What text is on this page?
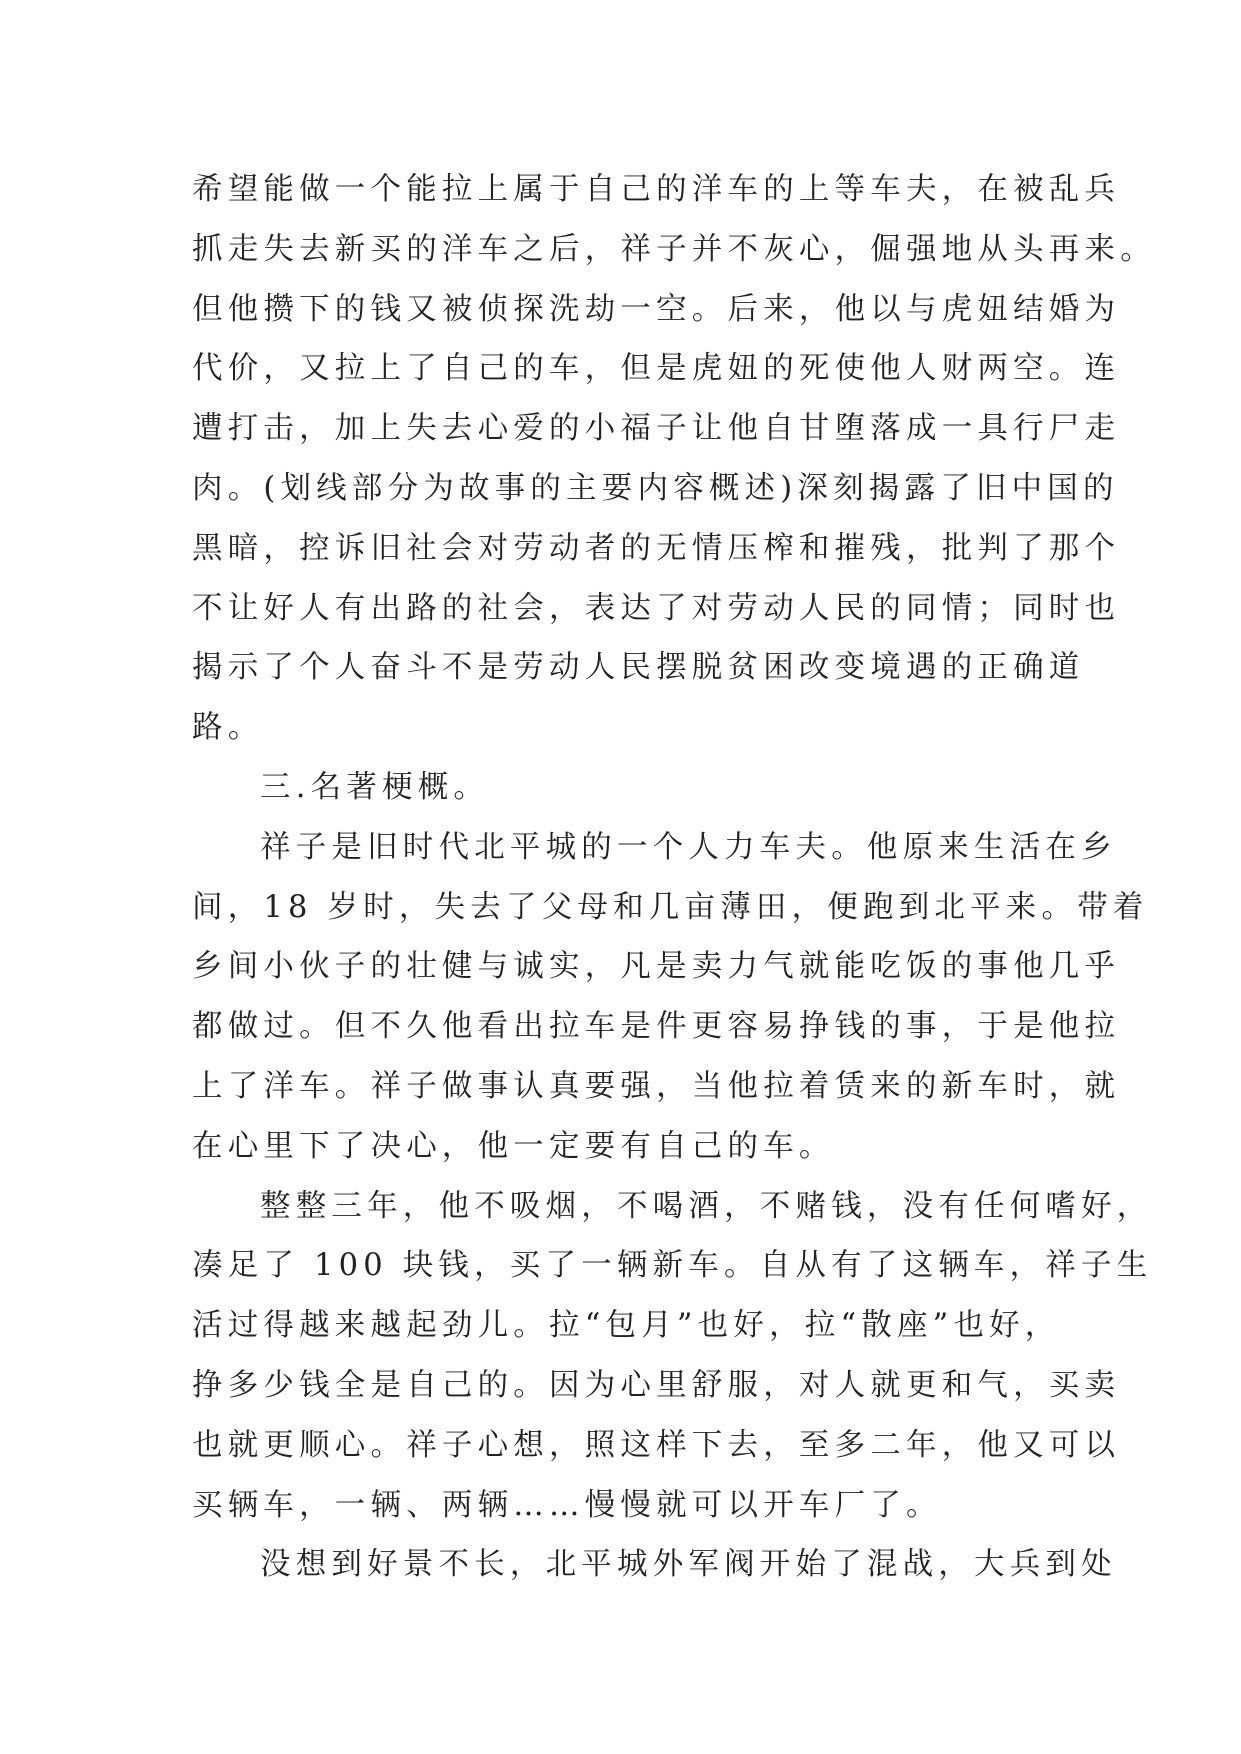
希望能做一个能拉上属于自己的洋车的上等车夫，在被乱兵
抓走失去新买的洋车之后，祥子并不灰心，倔强地从头再来。
但他攒下的钱又被侦探洗劫一空。后来，他以与虎妞结婚为
代价，又拉上了自己的车，但是虎妞的死使他人财两空。连
遭打击，加上失去心爱的小福子让他自甘堕落成一具行尸走
肉。(划线部分为故事的主要内容概述)深刻揭露了旧中国的
黑暗，控诉旧社会对劳动者的无情压榨和摧残，批判了那个
不让好人有出路的社会，表达了对劳动人民的同情；同时也
揭示了个人奋斗不是劳动人民摆脱贫困改变境遇的正确道
路。
三.名著梗概。
祥子是旧时代北平城的一个人力车夫。他原来生活在乡
间，18 岁时，失去了父母和几亩薄田，便跑到北平来。带着
乡间小伙子的壮健与诚实，凡是卖力气就能吃饭的事他几乎
都做过。但不久他看出拉车是件更容易挣钱的事，于是他拉
上了洋车。祥子做事认真要强，当他拉着赁来的新车时，就
在心里下了决心，他一定要有自己的车。
整整三年，他不吸烟，不喝酒，不赌钱，没有任何嗜好，
凑足了 100 块钱，买了一辆新车。自从有了这辆车，祥子生
活过得越来越起劲儿。拉“包月”也好，拉“散座”也好，
挣多少钱全是自己的。因为心里舒服，对人就更和气，买卖
也就更顺心。祥子心想，照这样下去，至多二年，他又可以
买辆车，一辆、两辆……慢慢就可以开车厂了。
没想到好景不长，北平城外军阀开始了混战，大兵到处
